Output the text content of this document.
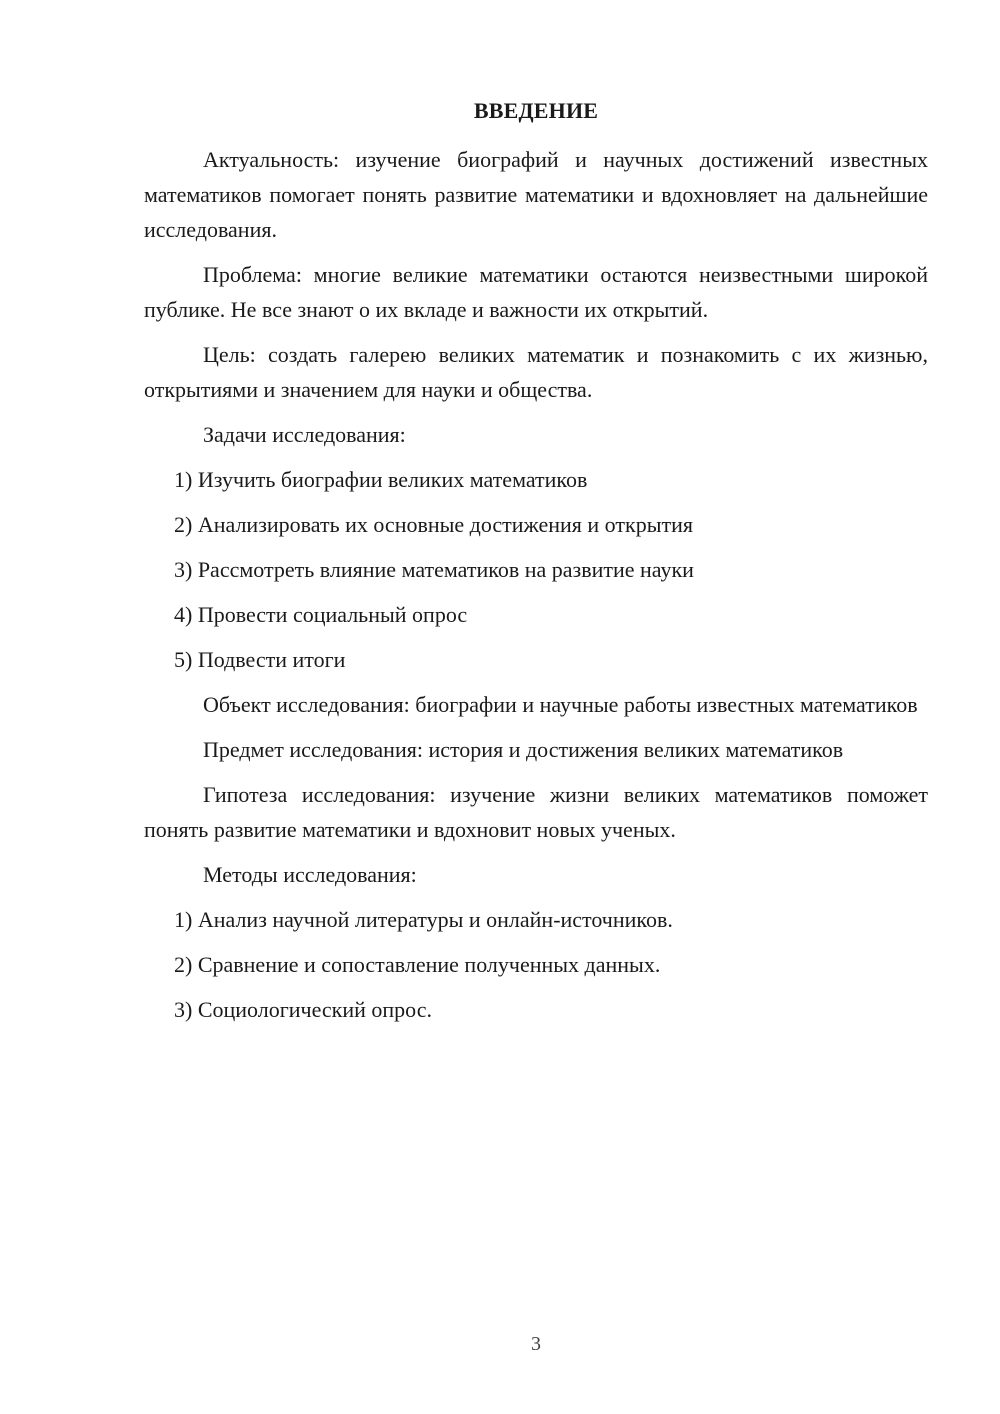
ВВЕДЕНИЕ
Актуальность: изучение биографий и научных достижений известных математиков помогает понять развитие математики и вдохновляет на дальнейшие исследования.
Проблема: многие великие математики остаются неизвестными широкой публике. Не все знают о их вкладе и важности их открытий.
Цель: создать галерею великих математик и познакомить с их жизнью, открытиями и значением для науки и общества.
Задачи исследования:
1) Изучить биографии великих математиков
2) Анализировать их основные достижения и открытия
3) Рассмотреть влияние математиков на развитие науки
4) Провести социальный опрос
5) Подвести итоги
Объект исследования: биографии и научные работы известных математиков
Предмет исследования: история и достижения великих математиков
Гипотеза исследования: изучение жизни великих математиков поможет понять развитие математики и вдохновит новых ученых.
Методы исследования:
1) Анализ научной литературы и онлайн-источников.
2) Сравнение и сопоставление полученных данных.
3) Социологический опрос.
3
